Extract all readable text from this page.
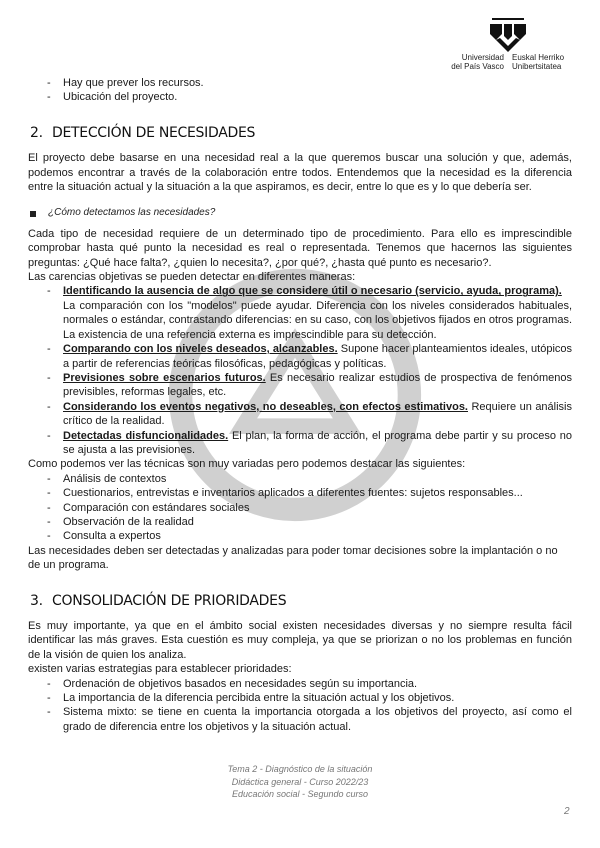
Universidad
del País Vasco
Euskal Herriko
Unibertsitatea
- Hay que prever los recursos.
- Ubicación del proyecto.
2. DETECCIÓN DE NECESIDADES

El proyecto debe basarse en una necesidad real a la que queremos buscar una solución y que, además, podemos encontrar a través de la colaboración entre todos. Entendemos que la necesidad es la diferencia entre la situación actual y la situación a la que aspiramos, es decir, entre lo que es y lo que debería ser.

¿Cómo detectamos las necesidades?

Cada tipo de necesidad requiere de un determinado tipo de procedimiento. Para ello es imprescindible comprobar hasta qué punto la necesidad es real o representada. Tenemos que hacernos las siguientes preguntas: ¿Qué hace falta?, ¿quien lo necesita?, ¿por qué?, ¿hasta qué punto es necesario?.

Las carencias objetivas se pueden detectar en diferentes maneras:

- Identificando la ausencia de algo que se considere útil o necesario (servicio, ayuda, programa).
La comparación con los "modelos" puede ayudar. Diferencia con los niveles considerados habituales, normales o estándar, contrastando diferencias: en su caso, con los objetivos fijados en otros programas. La existencia de una referencia externa es imprescindible para su detección.
- Comparando con los niveles deseados, alcanzables. Supone hacer planteamientos ideales, utópicos a partir de referencias teóricas filosóficas, pedagógicas y políticas.
- Previsiones sobre escenarios futuros. Es necesario realizar estudios de prospectiva de fenómenos previsibles, reformas legales, etc.
- Considerando los eventos negativos, no deseables, con efectos estimativos. Requiere un análisis crítico de la realidad.
- Detectadas disfuncionalidades. El plan, la forma de acción, el programa debe partir y su proceso no se ajusta a las previsiones.

Como podemos ver las técnicas son muy variadas pero podemos destacar las siguientes:

- Análisis de contextos
- Cuestionarios, entrevistas e inventarios aplicados a diferentes fuentes: sujetos responsables...
- Comparación con estándares sociales
- Observación de la realidad
- Consulta a expertos

Las necesidades deben ser detectadas y analizadas para poder tomar decisiones sobre la implantación o no de un programa.

3. CONSOLIDACIÓN DE PRIORIDADES

Es muy importante, ya que en el ámbito social existen necesidades diversas y no siempre resulta fácil identificar las más graves. Esta cuestión es muy compleja, ya que se priorizan o no los problemas en función de la visión de quien los analiza.

existen varias estrategias para establecer prioridades:

- Ordenación de objetivos basados en necesidades según su importancia.
- La importancia de la diferencia percibida entre la situación actual y los objetivos.
- Sistema mixto: se tiene en cuenta la importancia otorgada a los objetivos del proyecto, así como el grado de diferencia entre los objetivos y la situación actual.
Tema 2 - Diagnóstico de la situación
Didáctica general - Curso 2022/23
Educación social - Segundo curso
2
